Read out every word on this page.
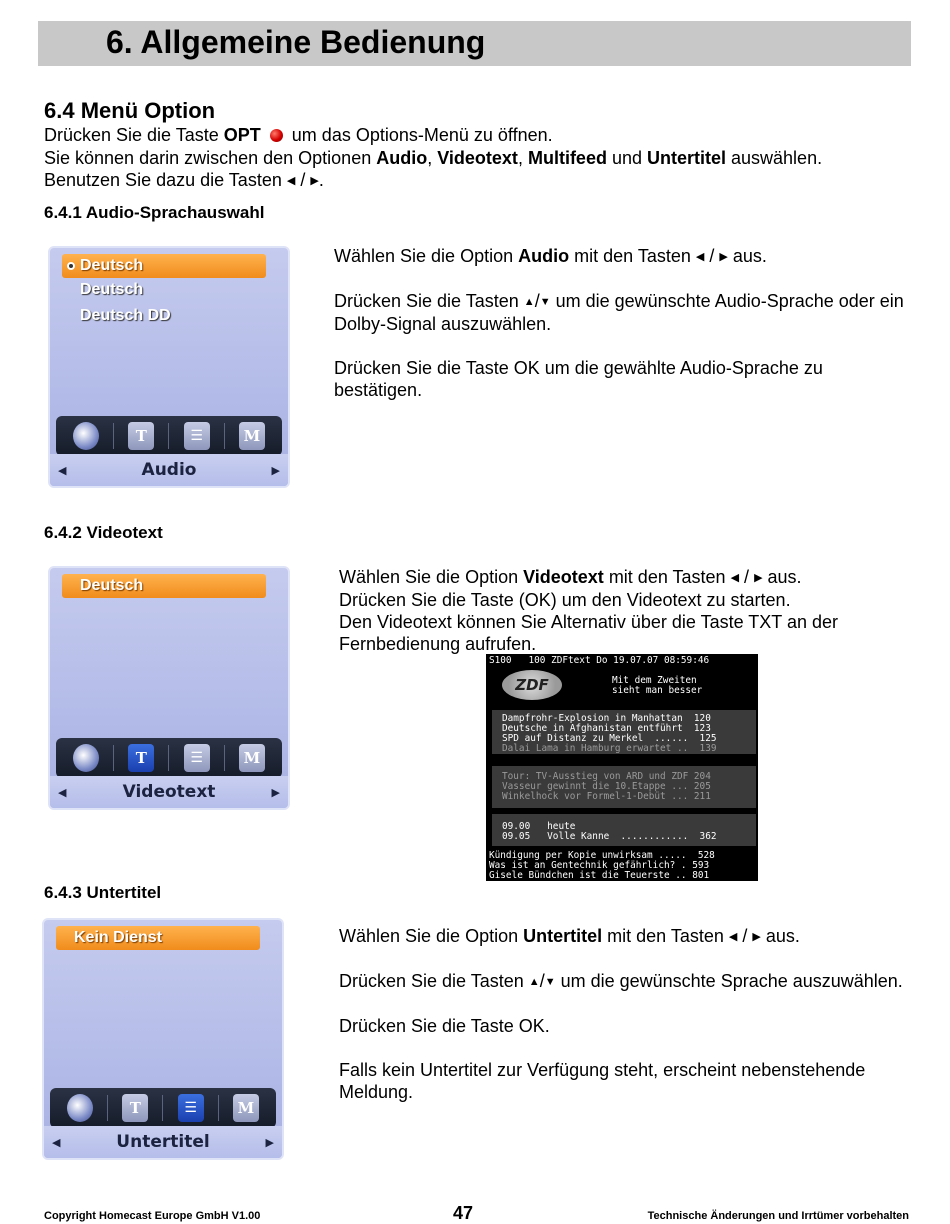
6. Allgemeine Bedienung
6.4 Menü Option
Drücken Sie die Taste OPT  um das Options-Menü zu öffnen.
Sie können darin zwischen den Optionen Audio, Videotext, Multifeed und Untertitel auswählen.
Benutzen Sie dazu die Tasten ◀ / ▶.
6.4.1 Audio-Sprachauswahl
Deutsch
Deutsch
Deutsch DD
T	☰	M
◀	Audio	▶

Wählen Sie die Option Audio mit den Tasten ◀ / ▶ aus.

Drücken Sie die Tasten ▲/▼ um die gewünschte Audio-Sprache oder ein Dolby-Signal auszuwählen.

Drücken Sie die Taste OK um die gewählte Audio-Sprache zu bestätigen.

6.4.2 Videotext
Deutsch
T	☰	M
◀	Videotext	▶

Wählen Sie die Option Videotext mit den Tasten ◀ / ▶ aus.

Drücken Sie die Taste (OK) um den Videotext zu starten.

Den Videotext können Sie Alternativ über die Taste TXT an der Fernbedienung aufrufen.

S100   100 ZDFtext Do 19.07.07 08:59:46
ZDF	Mit dem Zweiten
sieht man besser
Dampfrohr-Explosion in Manhattan  120
Deutsche in Afghanistan entführt  123
SPD auf Distanz zu Merkel  ......  125
Dalai Lama in Hamburg erwartet ..  139
Tour: TV-Ausstieg von ARD und ZDF 204
Vasseur gewinnt die 10.Etappe ... 205
Winkelhock vor Formel-1-Debüt ... 211
09.00   heute
09.05   Volle Kanne  ............  362
Kündigung per Kopie unwirksam .....  528
Was ist an Gentechnik gefährlich? . 593
Gisele Bündchen ist die Teuerste .. 801
6.4.3 Untertitel
Kein Dienst
T	☰	M
◀	Untertitel	▶

Wählen Sie die Option Untertitel mit den Tasten ◀ / ▶ aus.

Drücken Sie die Tasten ▲/▼ um die gewünschte Sprache auszuwählen.

Drücken Sie die Taste OK.

Falls kein Untertitel zur Verfügung steht, erscheint nebenstehende Meldung.

Copyright Homecast Europe GmbH V1.00	47	Technische Änderungen und Irrtümer vorbehalten
